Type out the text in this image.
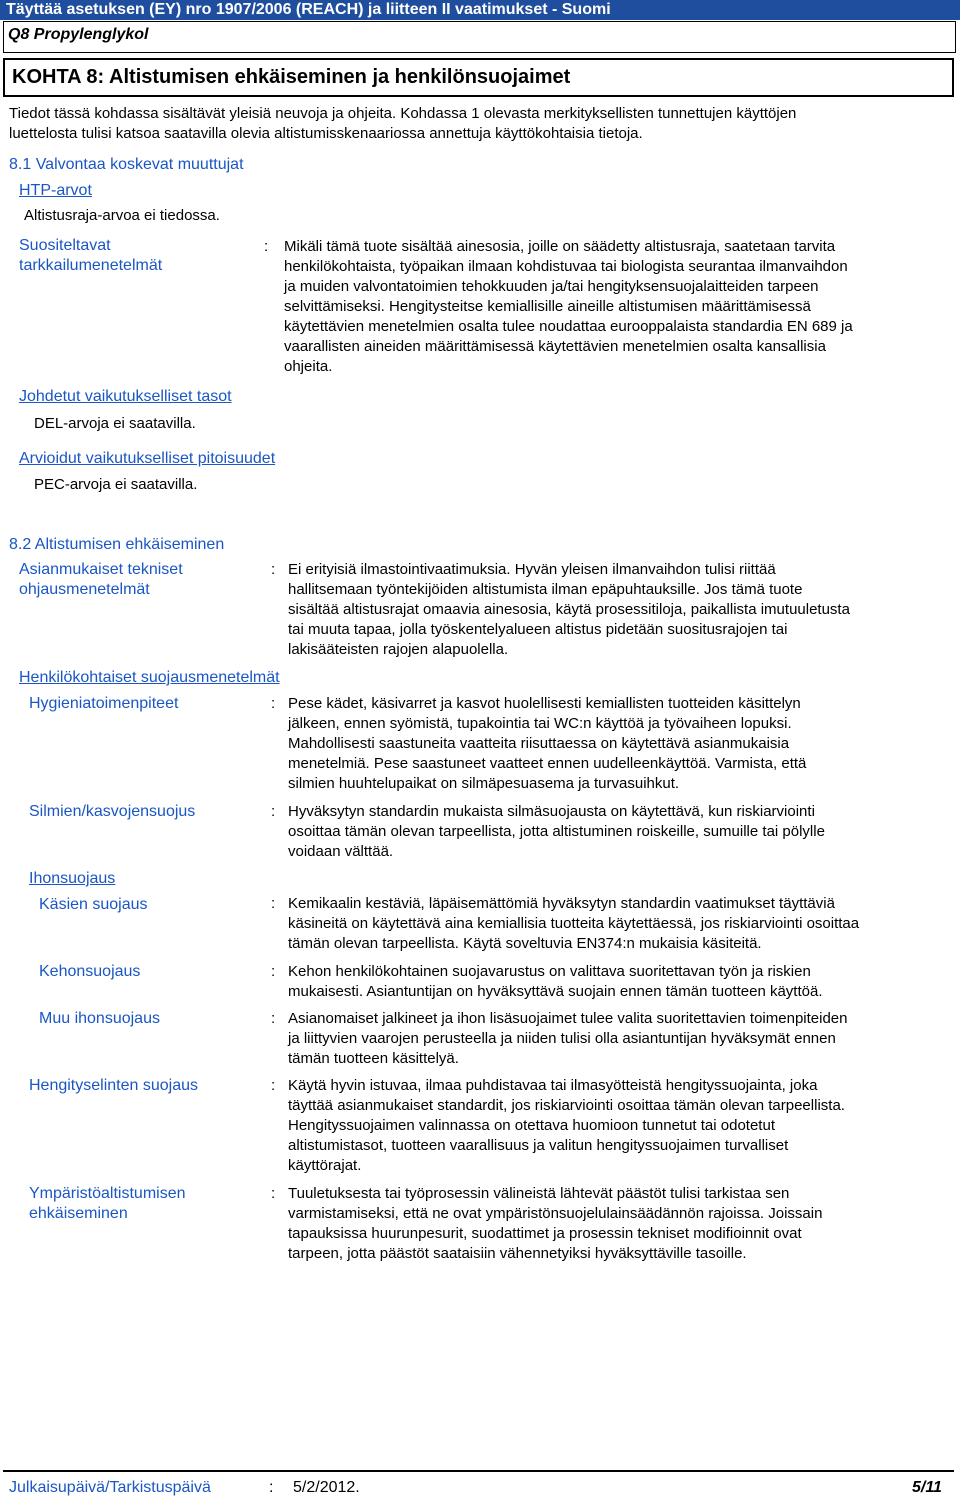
Täyttää asetuksen (EY) nro 1907/2006 (REACH) ja liitteen II vaatimukset - Suomi
Q8 Propylenglykol
KOHTA 8: Altistumisen ehkäiseminen ja henkilönsuojaimet
Tiedot tässä kohdassa sisältävät yleisiä neuvoja ja ohjeita. Kohdassa 1 olevasta merkityksellisten tunnettujen käyttöjen
luettelosta tulisi katsoa saatavilla olevia altistumisskenaariossa annettuja käyttökohtaisia tietoja.
8.1 Valvontaa koskevat muuttujat
HTP-arvot
Altistusraja-arvoa ei tiedossa.
Suositeltavat
tarkkailumenetelmät
: Mikäli tämä tuote sisältää ainesosia, joille on säädetty altistusraja, saatetaan tarvita
henkilökohtaista, työpaikan ilmaan kohdistuvaa tai biologista seurantaa ilmanvaihdon
ja muiden valvontatoimien tehokkuuden ja/tai hengityksensuojalaitteiden tarpeen
selvittämiseksi. Hengitysteitse kemiallisille aineille altistumisen määrittämisessä
käytettävien menetelmien osalta tulee noudattaa eurooppalaista standardia EN 689 ja
vaarallisten aineiden määrittämisessä käytettävien menetelmien osalta kansallisia
ohjeita.
Johdetut vaikutukselliset tasot
DEL-arvoja ei saatavilla.
Arvioidut vaikutukselliset pitoisuudet
PEC-arvoja ei saatavilla.
8.2 Altistumisen ehkäiseminen
Asianmukaiset tekniset
ohjausmenetelmät
: Ei erityisiä ilmastointivaatimuksia. Hyvän yleisen ilmanvaihdon tulisi riittää
hallitsemaan työntekijöiden altistumista ilman epäpuhtauksille. Jos tämä tuote
sisältää altistusrajat omaavia ainesosia, käytä prosessitiloja, paikallista imutuuletusta
tai muuta tapaa, jolla työskentelyalueen altistus pidetään suositusrajojen tai
lakisääteisten rajojen alapuolella.
Henkilökohtaiset suojausmenetelmät
Hygieniatoimenpiteet	: Pese kädet, käsivarret ja kasvot huolellisesti kemiallisten tuotteiden käsittelyn
jälkeen, ennen syömistä, tupakointia tai WC:n käyttöä ja työvaiheen lopuksi.
Mahdollisesti saastuneita vaatteita riisuttaessa on käytettävä asianmukaisia
menetelmiä. Pese saastuneet vaatteet ennen uudelleenkäyttöä. Varmista, että
silmien huuhtelupaikat on silmäpesuasema ja turvasuihkut.
Silmien/kasvojensuojus	: Hyväksytyn standardin mukaista silmäsuojausta on käytettävä, kun riskiarviointi
osoittaa tämän olevan tarpeellista, jotta altistuminen roiskeille, sumuille tai pölylle
voidaan välttää.
Ihonsuojaus
Käsien suojaus	: Kemikaalin kestäviä, läpäisemättömiä hyväksytyn standardin vaatimukset täyttäviä
käsineitä on käytettävä aina kemiallisia tuotteita käytettäessä, jos riskiarviointi osoittaa
tämän olevan tarpeellista. Käytä soveltuvia EN374:n mukaisia käsiteitä.
Kehonsuojaus	: Kehon henkilökohtainen suojavarustus on valittava suoritettavan työn ja riskien
mukaisesti. Asiantuntijan on hyväksyttävä suojain ennen tämän tuotteen käyttöä.
Muu ihonsuojaus	: Asianomaiset jalkineet ja ihon lisäsuojaimet tulee valita suoritettavien toimenpiteiden
ja liittyvien vaarojen perusteella ja niiden tulisi olla asiantuntijan hyväksymät ennen
tämän tuotteen käsittelyä.
Hengityselinten suojaus	: Käytä hyvin istuvaa, ilmaa puhdistavaa tai ilmasyötteistä hengityssuojainta, joka
täyttää asianmukaiset standardit, jos riskiarviointi osoittaa tämän olevan tarpeellista.
Hengityssuojaimen valinnassa on otettava huomioon tunnetut tai odotetut
altistumistasot, tuotteen vaarallisuus ja valitun hengityssuojaimen turvalliset
käyttörajat.
Ympäristöaltistumisen
ehkäiseminen
: Tuuletuksesta tai työprosessin välineistä lähtevät päästöt tulisi tarkistaa sen
varmistamiseksi, että ne ovat ympäristönsuojelulainsäädännön rajoissa. Joissain
tapauksissa huurunpesurit, suodattimet ja prosessin tekniset modifioinnit ovat
tarpeen, jotta päästöt saataisiin vähennetyiksi hyväksyttäville tasoille.
Julkaisupäivä/Tarkistuspäivä	: 5/2/2012.	5/11
